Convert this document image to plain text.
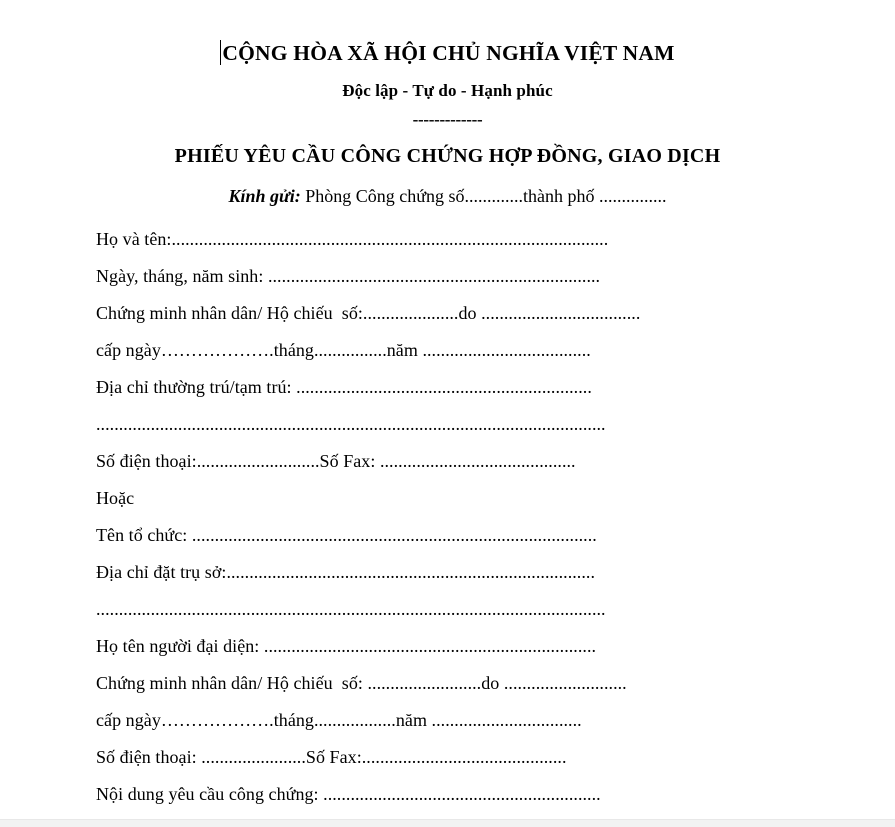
CỘNG HÒA XÃ HỘI CHỦ NGHĨA VIỆT NAM
Độc lập - Tự do - Hạnh phúc
-------------
PHIẾU YÊU CẦU CÔNG CHỨNG HỢP ĐỒNG, GIAO DỊCH
Kính gửi: Phòng Công chứng số.............thành phố ...............
Họ và tên:................................................................................................
Ngày, tháng, năm sinh: .........................................................................
Chứng minh nhân dân/ Hộ chiếu  số:.....................do ...................................
cấp ngày……………….tháng................năm .....................................
Địa chỉ thường trú/tạm trú: .................................................................
................................................................................................................
Số điện thoại:...........................Số Fax: ...........................................
Hoặc
Tên tổ chức: .........................................................................................
Địa chỉ đặt trụ sở:.................................................................................
................................................................................................................
Họ tên người đại diện: .........................................................................
Chứng minh nhân dân/ Hộ chiếu  số: .........................do ...........................
cấp ngày……………….tháng..................năm .................................
Số điện thoại: .......................Số Fax:.............................................
Nội dung yêu cầu công chứng: .............................................................
